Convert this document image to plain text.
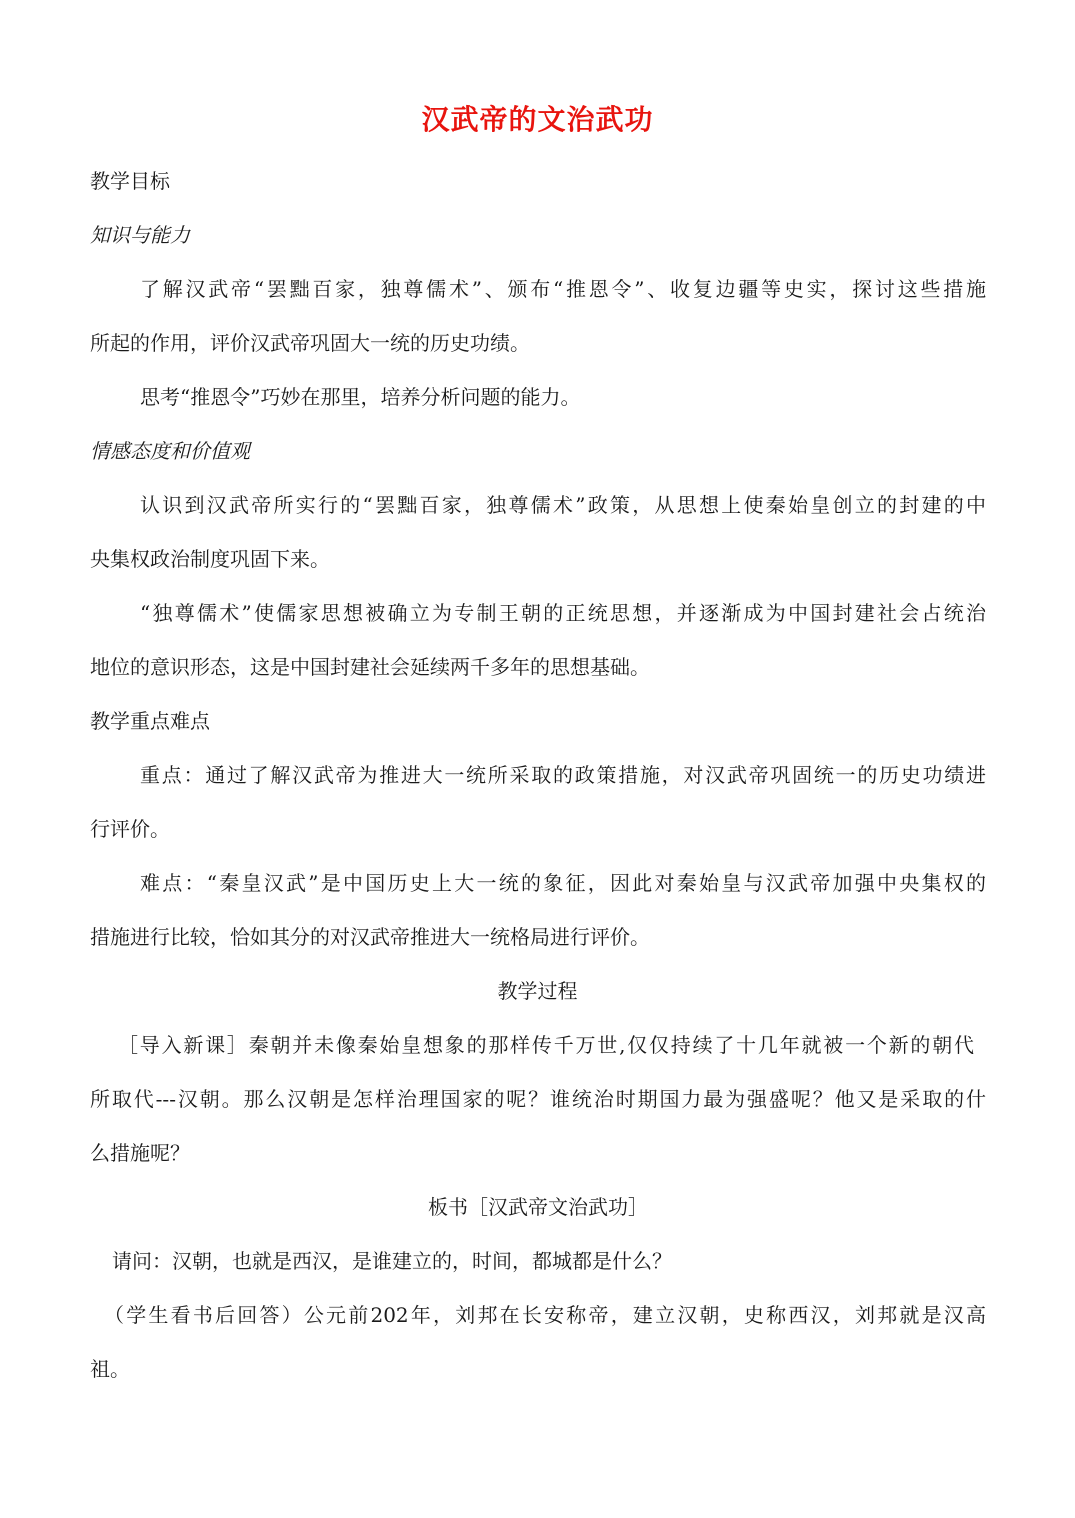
汉武帝的文治武功
教学目标
知识与能力
了解汉武帝“罢黜百家，独尊儒术”、颁布“推恩令”、收复边疆等史实，探讨这些措施
所起的作用，评价汉武帝巩固大一统的历史功绩。
思考“推恩令”巧妙在那里，培养分析问题的能力。
情感态度和价值观
认识到汉武帝所实行的“罢黜百家，独尊儒术”政策，从思想上使秦始皇创立的封建的中
央集权政治制度巩固下来。
“独尊儒术”使儒家思想被确立为专制王朝的正统思想，并逐渐成为中国封建社会占统治
地位的意识形态，这是中国封建社会延续两千多年的思想基础。
教学重点难点
重点：通过了解汉武帝为推进大一统所采取的政策措施，对汉武帝巩固统一的历史功绩进
行评价。
难点：“秦皇汉武”是中国历史上大一统的象征，因此对秦始皇与汉武帝加强中央集权的
措施进行比较，恰如其分的对汉武帝推进大一统格局进行评价。
教学过程
［导入新课］秦朝并未像秦始皇想象的那样传千万世,仅仅持续了十几年就被一个新的朝代
所取代---汉朝。那么汉朝是怎样治理国家的呢？谁统治时期国力最为强盛呢？他又是采取的什
么措施呢？
板书［汉武帝文治武功］
请问：汉朝，也就是西汉，是谁建立的，时间，都城都是什么？
（学生看书后回答）公元前202年，刘邦在长安称帝，建立汉朝，史称西汉，刘邦就是汉高
祖。
